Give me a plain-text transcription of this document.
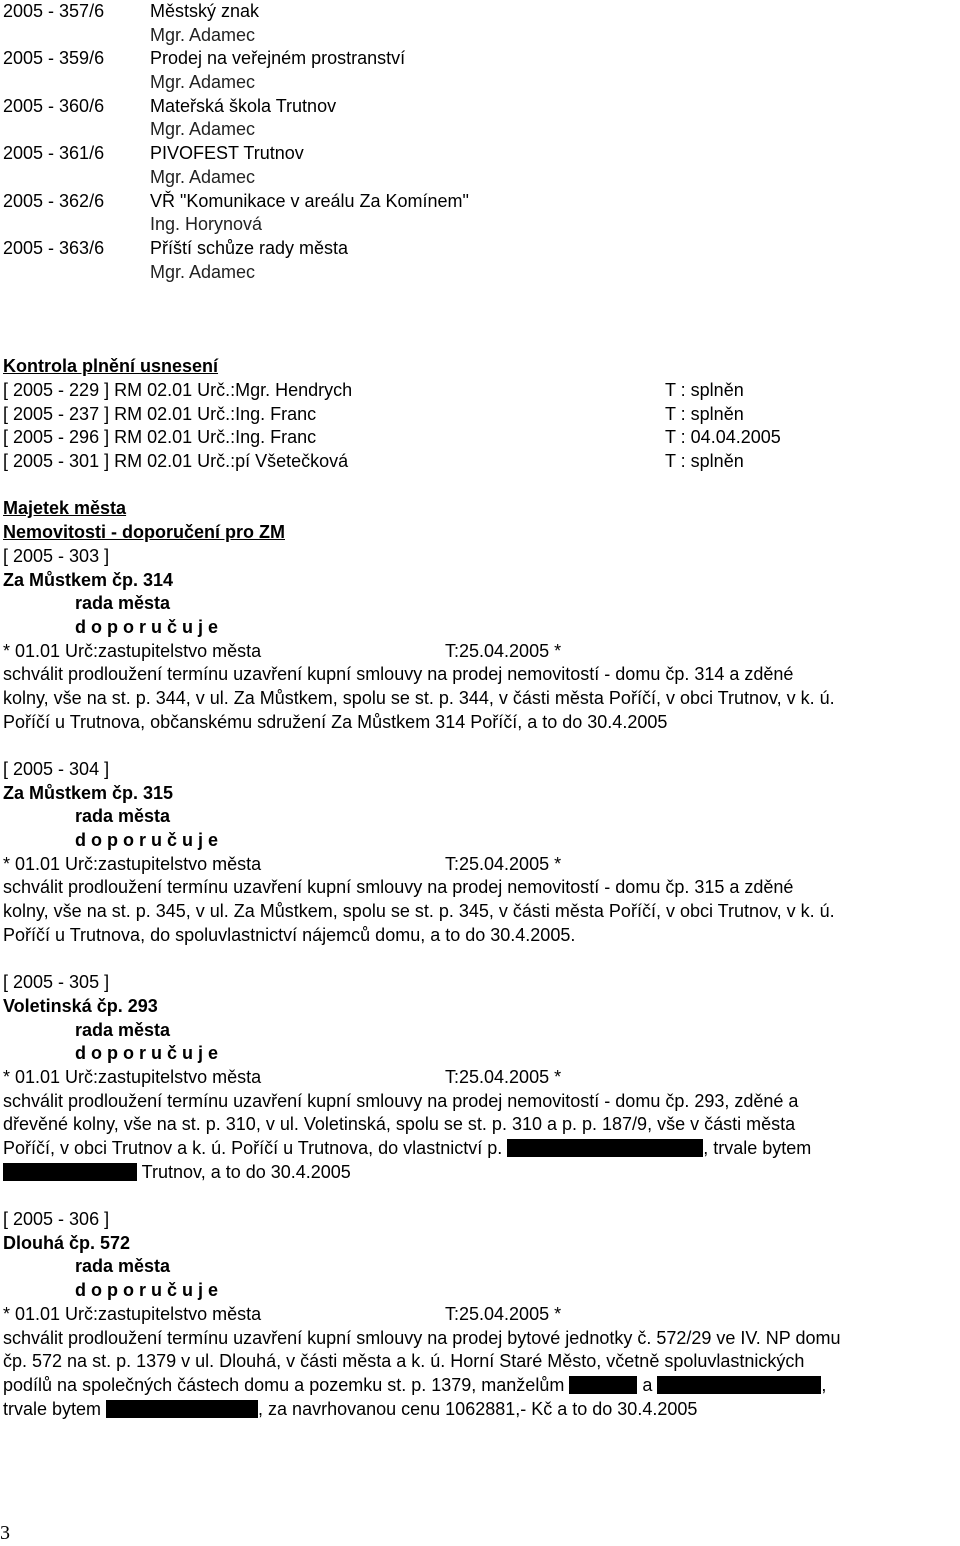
2005 - 357/6	Městský znak
Mgr. Adamec
2005 - 359/6	Prodej na veřejném prostranství
Mgr. Adamec
2005 - 360/6	Mateřská škola Trutnov
Mgr. Adamec
2005 - 361/6	PIVOFEST Trutnov
Mgr. Adamec
2005 - 362/6	VŘ "Komunikace v areálu Za Komínem"
Ing. Horynová
2005 - 363/6	Příští schůze rady města
Mgr. Adamec
Kontrola plnění usnesení
[ 2005 - 229 ] RM 02.01 Urč.:Mgr. Hendrych	T : splněn
[ 2005 - 237 ] RM 02.01 Urč.:Ing. Franc	T : splněn
[ 2005 - 296 ] RM 02.01 Urč.:Ing. Franc	T : 04.04.2005
[ 2005 - 301 ] RM 02.01 Urč.:pí Všetečková	T : splněn
Majetek města
Nemovitosti - doporučení pro ZM
[ 2005 - 303 ]
Za Můstkem čp. 314
rada města
d o p o r u č u j e
* 01.01 Urč:zastupitelstvo města	T:25.04.2005 *
schválit prodloužení termínu uzavření kupní smlouvy na prodej nemovitostí - domu čp. 314 a zděné
kolny, vše na st. p. 344, v ul. Za Můstkem, spolu se st. p. 344, v části města Poříčí, v obci Trutnov, v k. ú.
Poříčí u Trutnova, občanskému sdružení Za Můstkem 314 Poříčí, a to do 30.4.2005
[ 2005 - 304 ]
Za Můstkem čp. 315
rada města
d o p o r u č u j e
* 01.01 Urč:zastupitelstvo města	T:25.04.2005 *
schválit prodloužení termínu uzavření kupní smlouvy na prodej nemovitostí - domu čp. 315 a zděné
kolny, vše na st. p. 345, v ul. Za Můstkem, spolu se st. p. 345, v části města Poříčí, v obci Trutnov, v k. ú.
Poříčí u Trutnova, do spoluvlastnictví nájemců domu, a to do 30.4.2005.
[ 2005 - 305 ]
Voletinská čp. 293
rada města
d o p o r u č u j e
* 01.01 Urč:zastupitelstvo města	T:25.04.2005 *
schválit prodloužení termínu uzavření kupní smlouvy na prodej nemovitostí - domu čp. 293, zděné a
dřevěné kolny, vše na st. p. 310, v ul. Voletinská, spolu se st. p. 310 a p. p. 187/9, vše v části města
Poříčí, v obci Trutnov a k. ú. Poříčí u Trutnova, do vlastnictví p.	, trvale bytem
Trutnov, a to do 30.4.2005
[ 2005 - 306 ]
Dlouhá čp. 572
rada města
d o p o r u č u j e
* 01.01 Urč:zastupitelstvo města	T:25.04.2005 *
schválit prodloužení termínu uzavření kupní smlouvy na prodej bytové jednotky č. 572/29 ve IV. NP domu
čp. 572 na st. p. 1379 v ul. Dlouhá, v části města a k. ú. Horní Staré Město, včetně spoluvlastnických
podílů na společných částech domu a pozemku st. p. 1379, manželům	a	,
trvale bytem	, za navrhovanou cenu 1062881,- Kč a to do 30.4.2005
3
